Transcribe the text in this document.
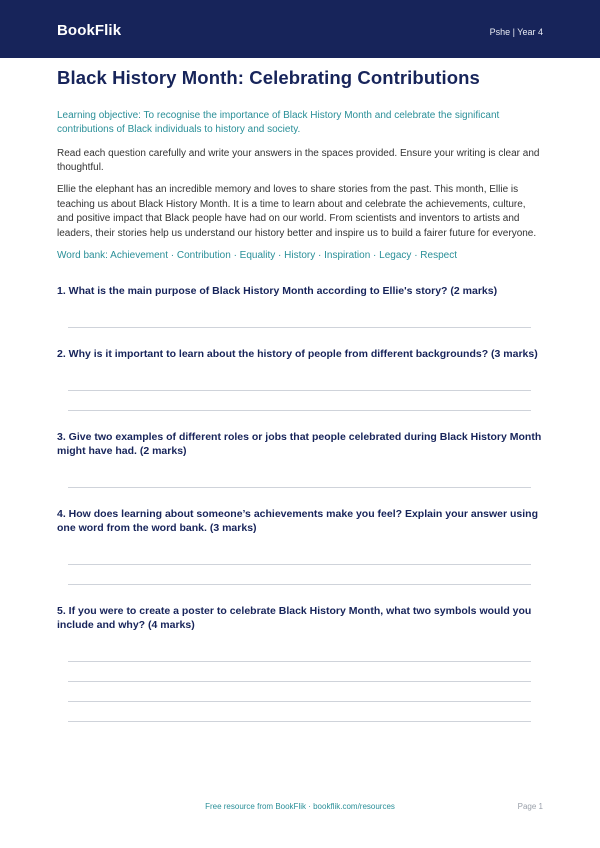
BookFlik	Pshe | Year 4
Black History Month: Celebrating Contributions

Learning objective: To recognise the importance of Black History Month and celebrate the significant contributions of Black individuals to history and society.

Read each question carefully and write your answers in the spaces provided. Ensure your writing is clear and thoughtful.

Ellie the elephant has an incredible memory and loves to share stories from the past. This month, Ellie is teaching us about Black History Month. It is a time to learn about and celebrate the achievements, culture, and positive impact that Black people have had on our world. From scientists and inventors to artists and leaders, their stories help us understand our history better and inspire us to build a fairer future for everyone.

Word bank: Achievement · Contribution · Equality · History · Inspiration · Legacy · Respect

1. What is the main purpose of Black History Month according to Ellie's story? (2 marks)
2. Why is it important to learn about the history of people from different backgrounds? (3 marks)
3. Give two examples of different roles or jobs that people celebrated during Black History Month might have had. (2 marks)
4. How does learning about someone’s achievements make you feel? Explain your answer using one word from the word bank. (3 marks)
5. If you were to create a poster to celebrate Black History Month, what two symbols would you include and why? (4 marks)
Free resource from BookFlik · bookflik.com/resources	Page 1
